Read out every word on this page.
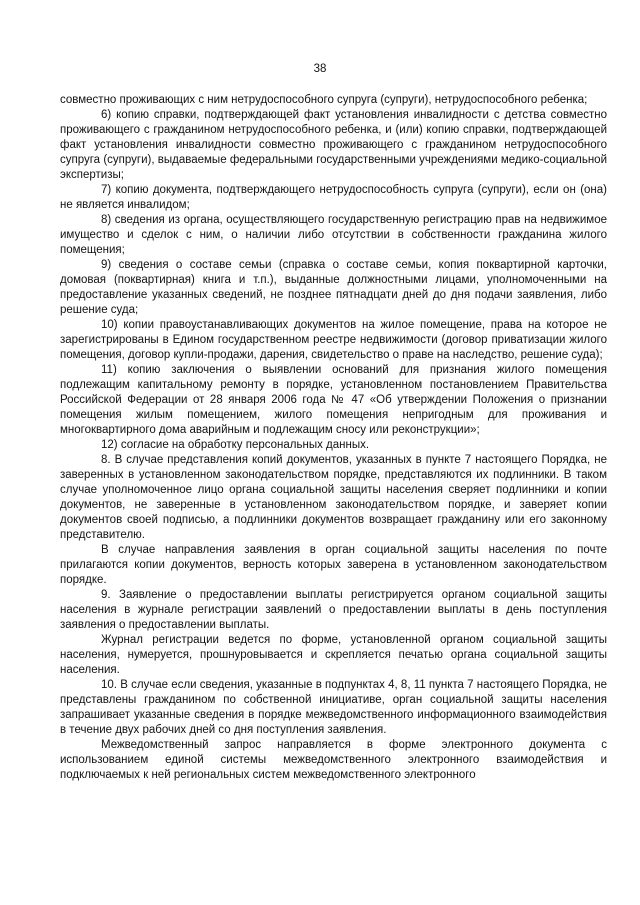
38

совместно проживающих с ним нетрудоспособного супруга (супруги), нетрудоспособного ребенка;

6) копию справки, подтверждающей факт установления инвалидности с детства совместно проживающего с гражданином нетрудоспособного ребенка, и (или) копию справки, подтверждающей факт установления инвалидности совместно проживающего с гражданином нетрудоспособного супруга (супруги), выдаваемые федеральными государственными учреждениями медико-социальной экспертизы;

7) копию документа, подтверждающего нетрудоспособность супруга (супруги), если он (она) не является инвалидом;

8) сведения из органа, осуществляющего государственную регистрацию прав на недвижимое имущество и сделок с ним, о наличии либо отсутствии в собственности гражданина жилого помещения;

9) сведения о составе семьи (справка о составе семьи, копия поквартирной карточки, домовая (поквартирная) книга и т.п.), выданные должностными лицами, уполномоченными на предоставление указанных сведений, не позднее пятнадцати дней до дня подачи заявления, либо решение суда;

10) копии правоустанавливающих документов на жилое помещение, права на которое не зарегистрированы в Едином государственном реестре недвижимости (договор приватизации жилого помещения, договор купли-продажи, дарения, свидетельство о праве на наследство, решение суда);

11) копию заключения о выявлении оснований для признания жилого помещения подлежащим капитальному ремонту в порядке, установленном постановлением Правительства Российской Федерации от 28 января 2006 года № 47 «Об утверждении Положения о признании помещения жилым помещением, жилого помещения непригодным для проживания и многоквартирного дома аварийным и подлежащим сносу или реконструкции»;

12) согласие на обработку персональных данных.

8. В случае представления копий документов, указанных в пункте 7 настоящего Порядка, не заверенных в установленном законодательством порядке, представляются их подлинники. В таком случае уполномоченное лицо органа социальной защиты населения сверяет подлинники и копии документов, не заверенные в установленном законодательством порядке, и заверяет копии документов своей подписью, а подлинники документов возвращает гражданину или его законному представителю.

В случае направления заявления в орган социальной защиты населения по почте прилагаются копии документов, верность которых заверена в установленном законодательством порядке.

9. Заявление о предоставлении выплаты регистрируется органом социальной защиты населения в журнале регистрации заявлений о предоставлении выплаты в день поступления заявления о предоставлении выплаты.

Журнал регистрации ведется по форме, установленной органом социальной защиты населения, нумеруется, прошнуровывается и скрепляется печатью органа социальной защиты населения.

10. В случае если сведения, указанные в подпунктах 4, 8, 11 пункта 7 настоящего Порядка, не представлены гражданином по собственной инициативе, орган социальной защиты населения запрашивает указанные сведения в порядке межведомственного информационного взаимодействия в течение двух рабочих дней со дня поступления заявления.

Межведомственный запрос направляется в форме электронного документа с использованием единой системы межведомственного электронного взаимодействия и подключаемых к ней региональных систем межведомственного электронного
